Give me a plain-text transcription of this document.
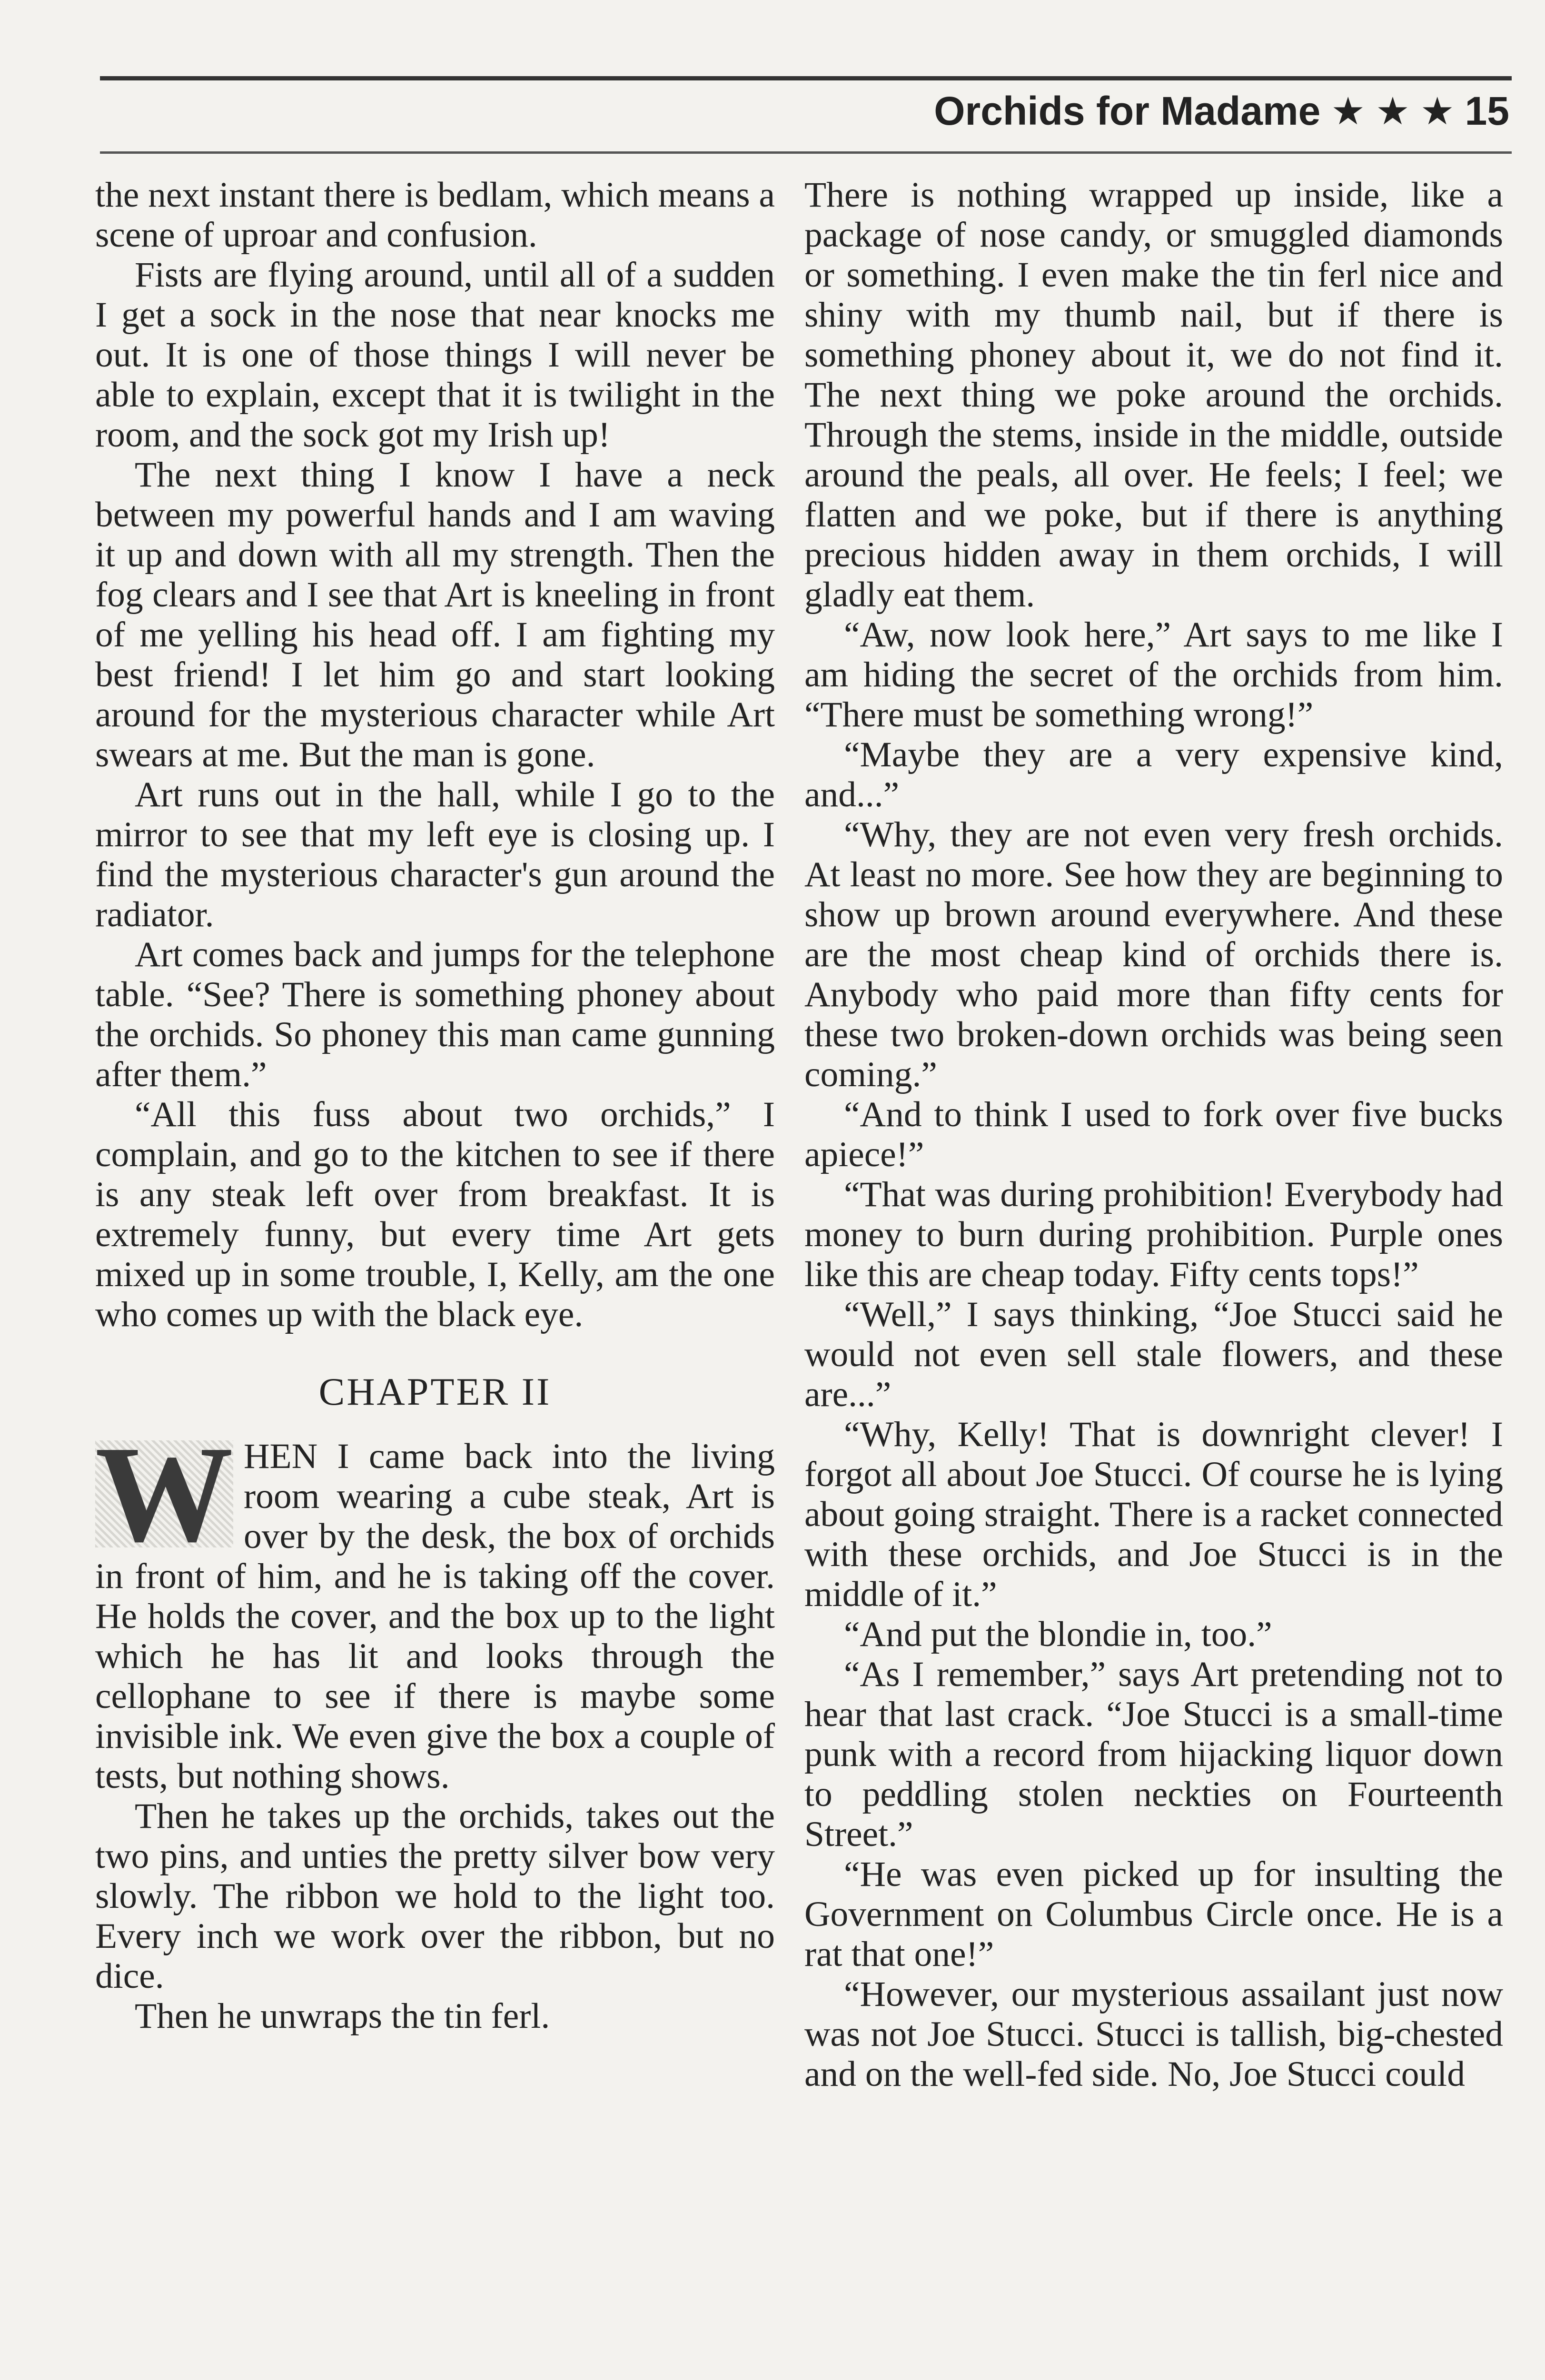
Orchids for Madame ★ ★ ★ 15

the next instant there is bedlam, which means a scene of uproar and confusion.

Fists are flying around, until all of a sudden I get a sock in the nose that near knocks me out. It is one of those things I will never be able to explain, except that it is twilight in the room, and the sock got my Irish up!

The next thing I know I have a neck between my powerful hands and I am waving it up and down with all my strength. Then the fog clears and I see that Art is kneeling in front of me yelling his head off. I am fighting my best friend! I let him go and start looking around for the mysterious character while Art swears at me. But the man is gone.

Art runs out in the hall, while I go to the mirror to see that my left eye is closing up. I find the mysterious character's gun around the radiator.

Art comes back and jumps for the telephone table. “See? There is something phoney about the orchids. So phoney this man came gunning after them.”

“All this fuss about two orchids,” I complain, and go to the kitchen to see if there is any steak left over from breakfast. It is extremely funny, but every time Art gets mixed up in some trouble, I, Kelly, am the one who comes up with the black eye.

CHAPTER II

W HEN I came back into the living room wearing a cube steak, Art is over by the desk, the box of orchids in front of him, and he is taking off the cover. He holds the cover, and the box up to the light which he has lit and looks through the cellophane to see if there is maybe some invisible ink. We even give the box a couple of tests, but nothing shows.

Then he takes up the orchids, takes out the two pins, and unties the pretty silver bow very slowly. The ribbon we hold to the light too. Every inch we work over the ribbon, but no dice.

Then he unwraps the tin ferl.

There is nothing wrapped up inside, like a package of nose candy, or smuggled diamonds or something. I even make the tin ferl nice and shiny with my thumb nail, but if there is something phoney about it, we do not find it. The next thing we poke around the orchids. Through the stems, inside in the middle, outside around the peals, all over. He feels; I feel; we flatten and we poke, but if there is anything precious hidden away in them orchids, I will gladly eat them.

“Aw, now look here,” Art says to me like I am hiding the secret of the orchids from him. “There must be something wrong!”

“Maybe they are a very expensive kind, and...”

“Why, they are not even very fresh orchids. At least no more. See how they are beginning to show up brown around everywhere. And these are the most cheap kind of orchids there is. Anybody who paid more than fifty cents for these two broken-down orchids was being seen coming.”

“And to think I used to fork over five bucks apiece!”

“That was during prohibition! Everybody had money to burn during prohibition. Purple ones like this are cheap today. Fifty cents tops!”

“Well,” I says thinking, “Joe Stucci said he would not even sell stale flowers, and these are...”

“Why, Kelly! That is downright clever! I forgot all about Joe Stucci. Of course he is lying about going straight. There is a racket connected with these orchids, and Joe Stucci is in the middle of it.”

“And put the blondie in, too.”

“As I remember,” says Art pretending not to hear that last crack. “Joe Stucci is a small-time punk with a record from hijacking liquor down to peddling stolen neckties on Fourteenth Street.”

“He was even picked up for insulting the Government on Columbus Circle once. He is a rat that one!”

“However, our mysterious assailant just now was not Joe Stucci. Stucci is tallish, big-chested and on the well-fed side. No, Joe Stucci could
